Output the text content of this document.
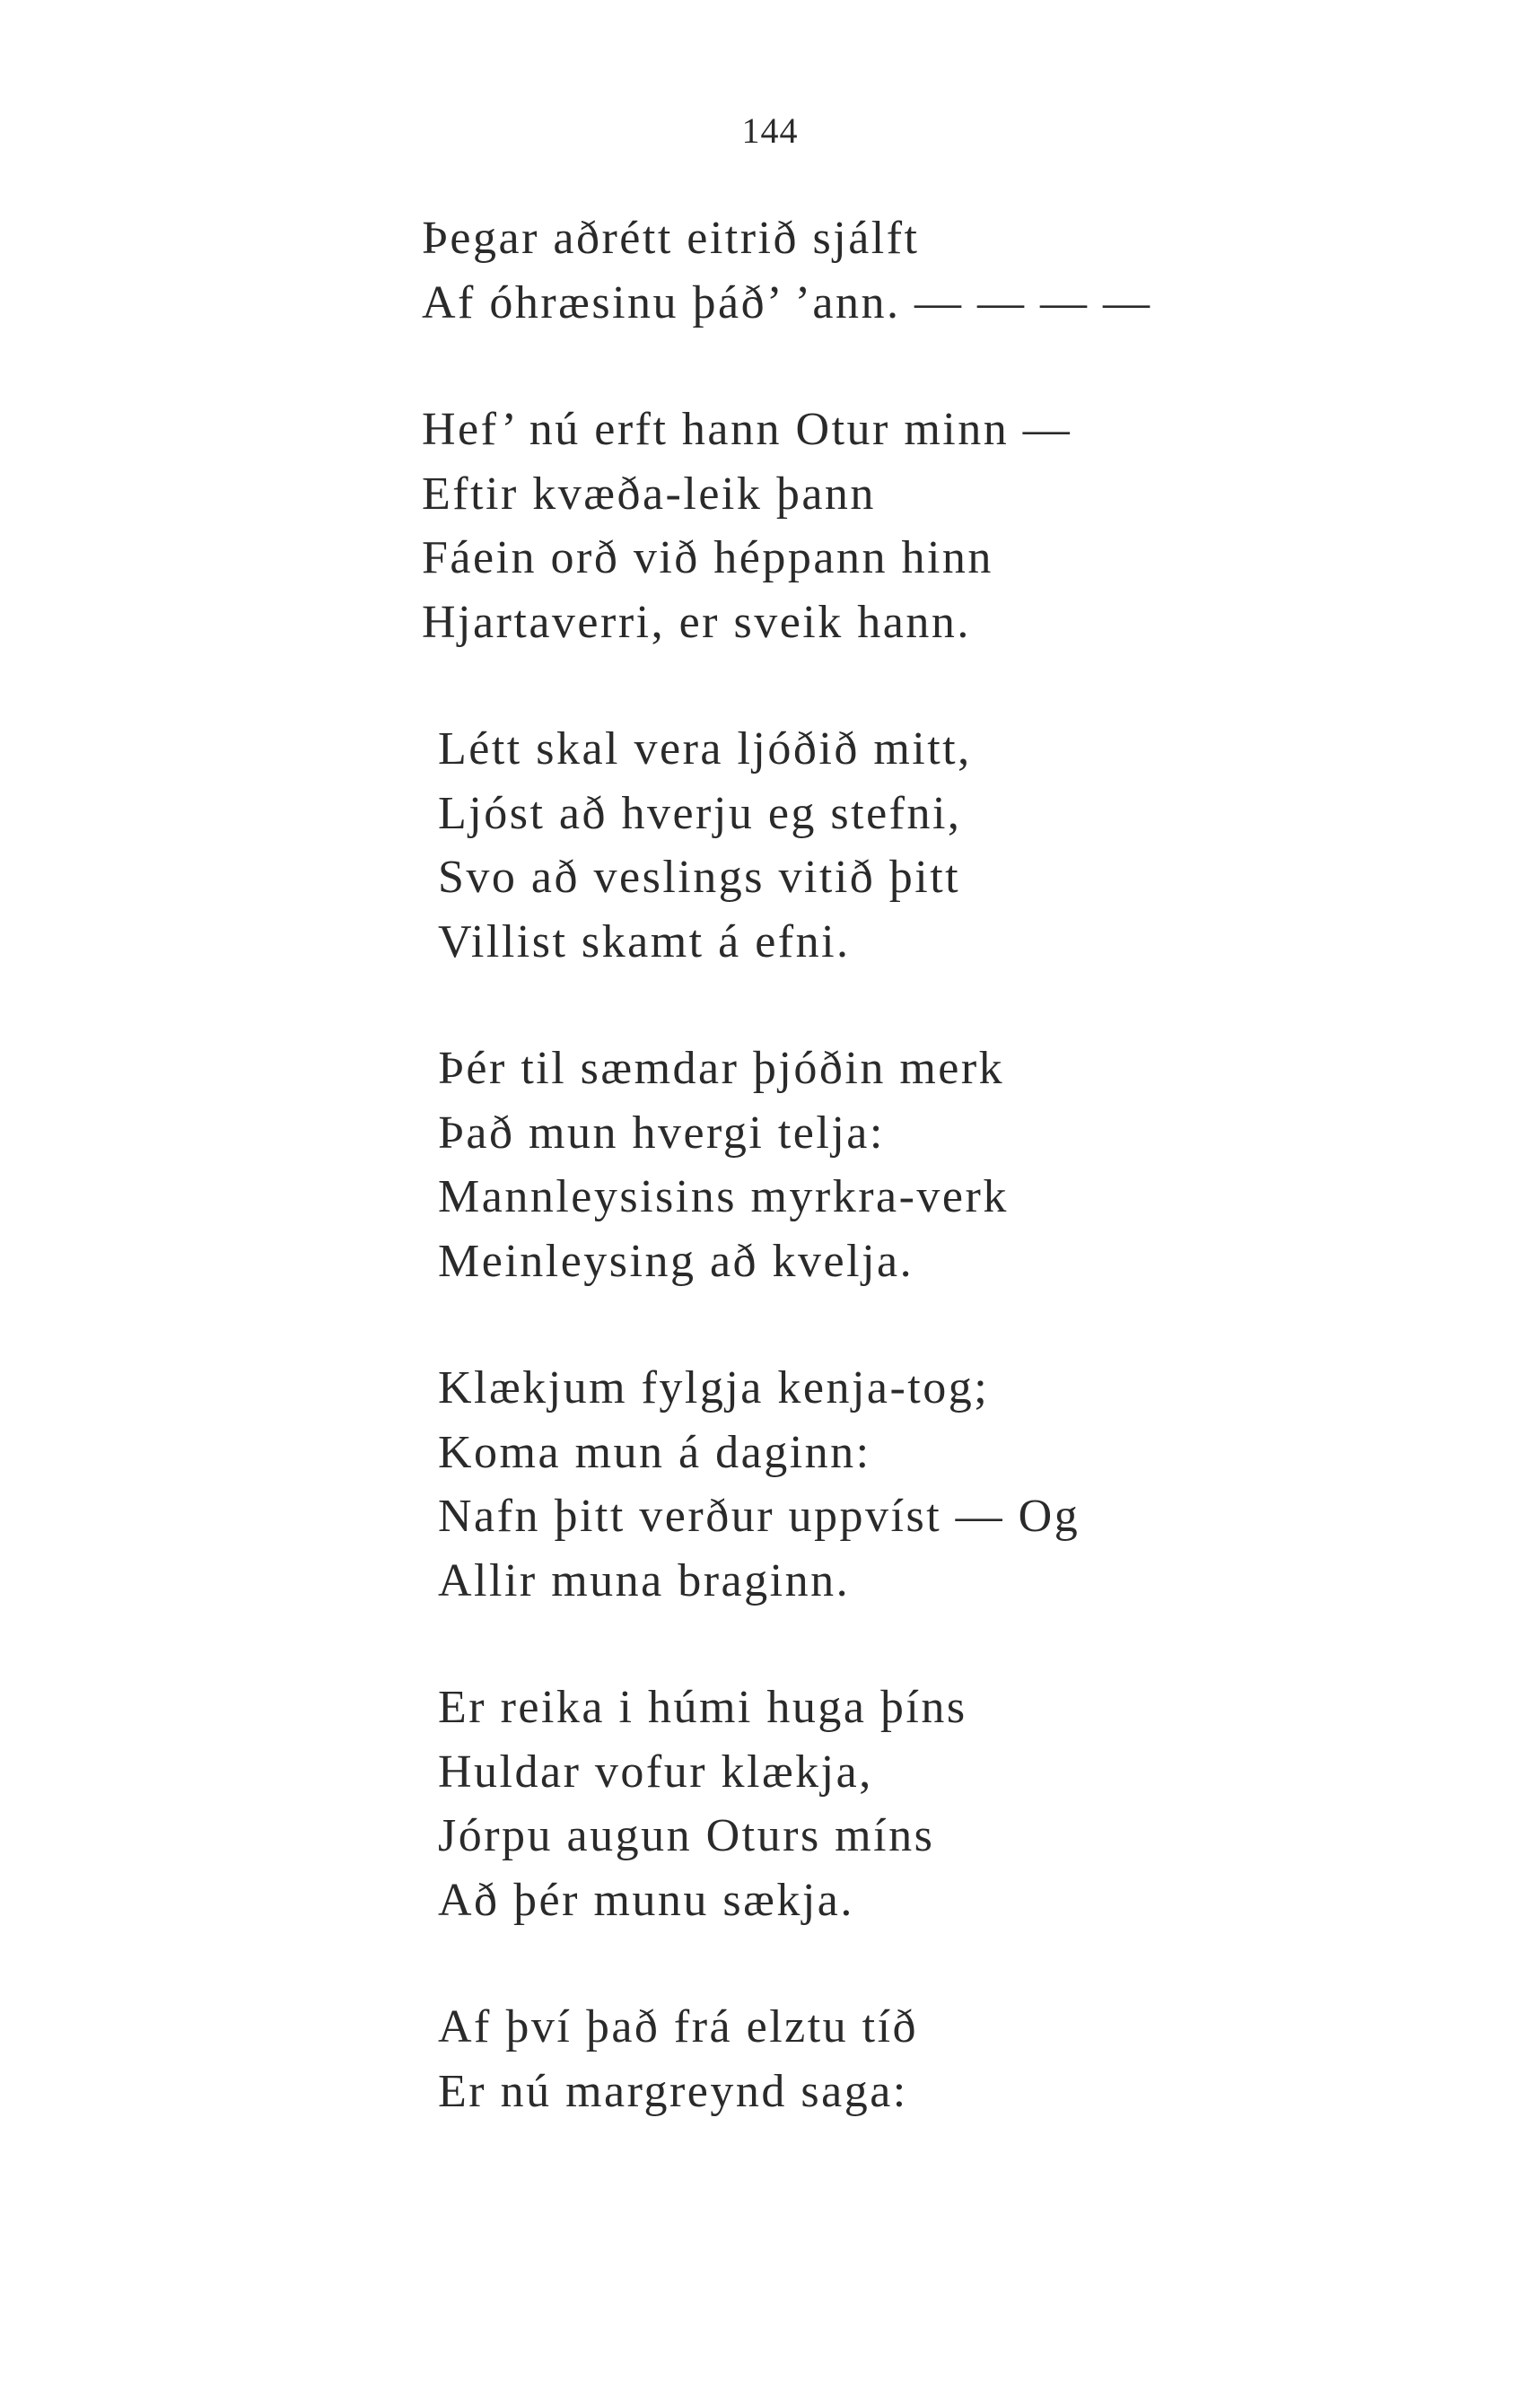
144
Þegar aðrétt eitrið sjálft
Af óhræsinu þáð’ ’ann. — — — —
Hef’ nú erft hann Otur minn —
Eftir kvæða-leik þann
Fáein orð við héppann hinn
Hjartaverri, er sveik hann.
Létt skal vera ljóðið mitt,
Ljóst að hverju eg stefni,
Svo að veslings vitið þitt
Villist skamt á efni.
Þér til sæmdar þjóðin merk
Það mun hvergi telja:
Mannleysisins myrkra-verk
Meinleysing að kvelja.
Klækjum fylgja kenja-tog;
Koma mun á daginn:
Nafn þitt verður uppvíst — Og
Allir muna braginn.
Er reika i húmi huga þíns
Huldar vofur klækja,
Jórpu augun Oturs míns
Að þér munu sækja.
Af því það frá elztu tíð
Er nú margreynd saga:
